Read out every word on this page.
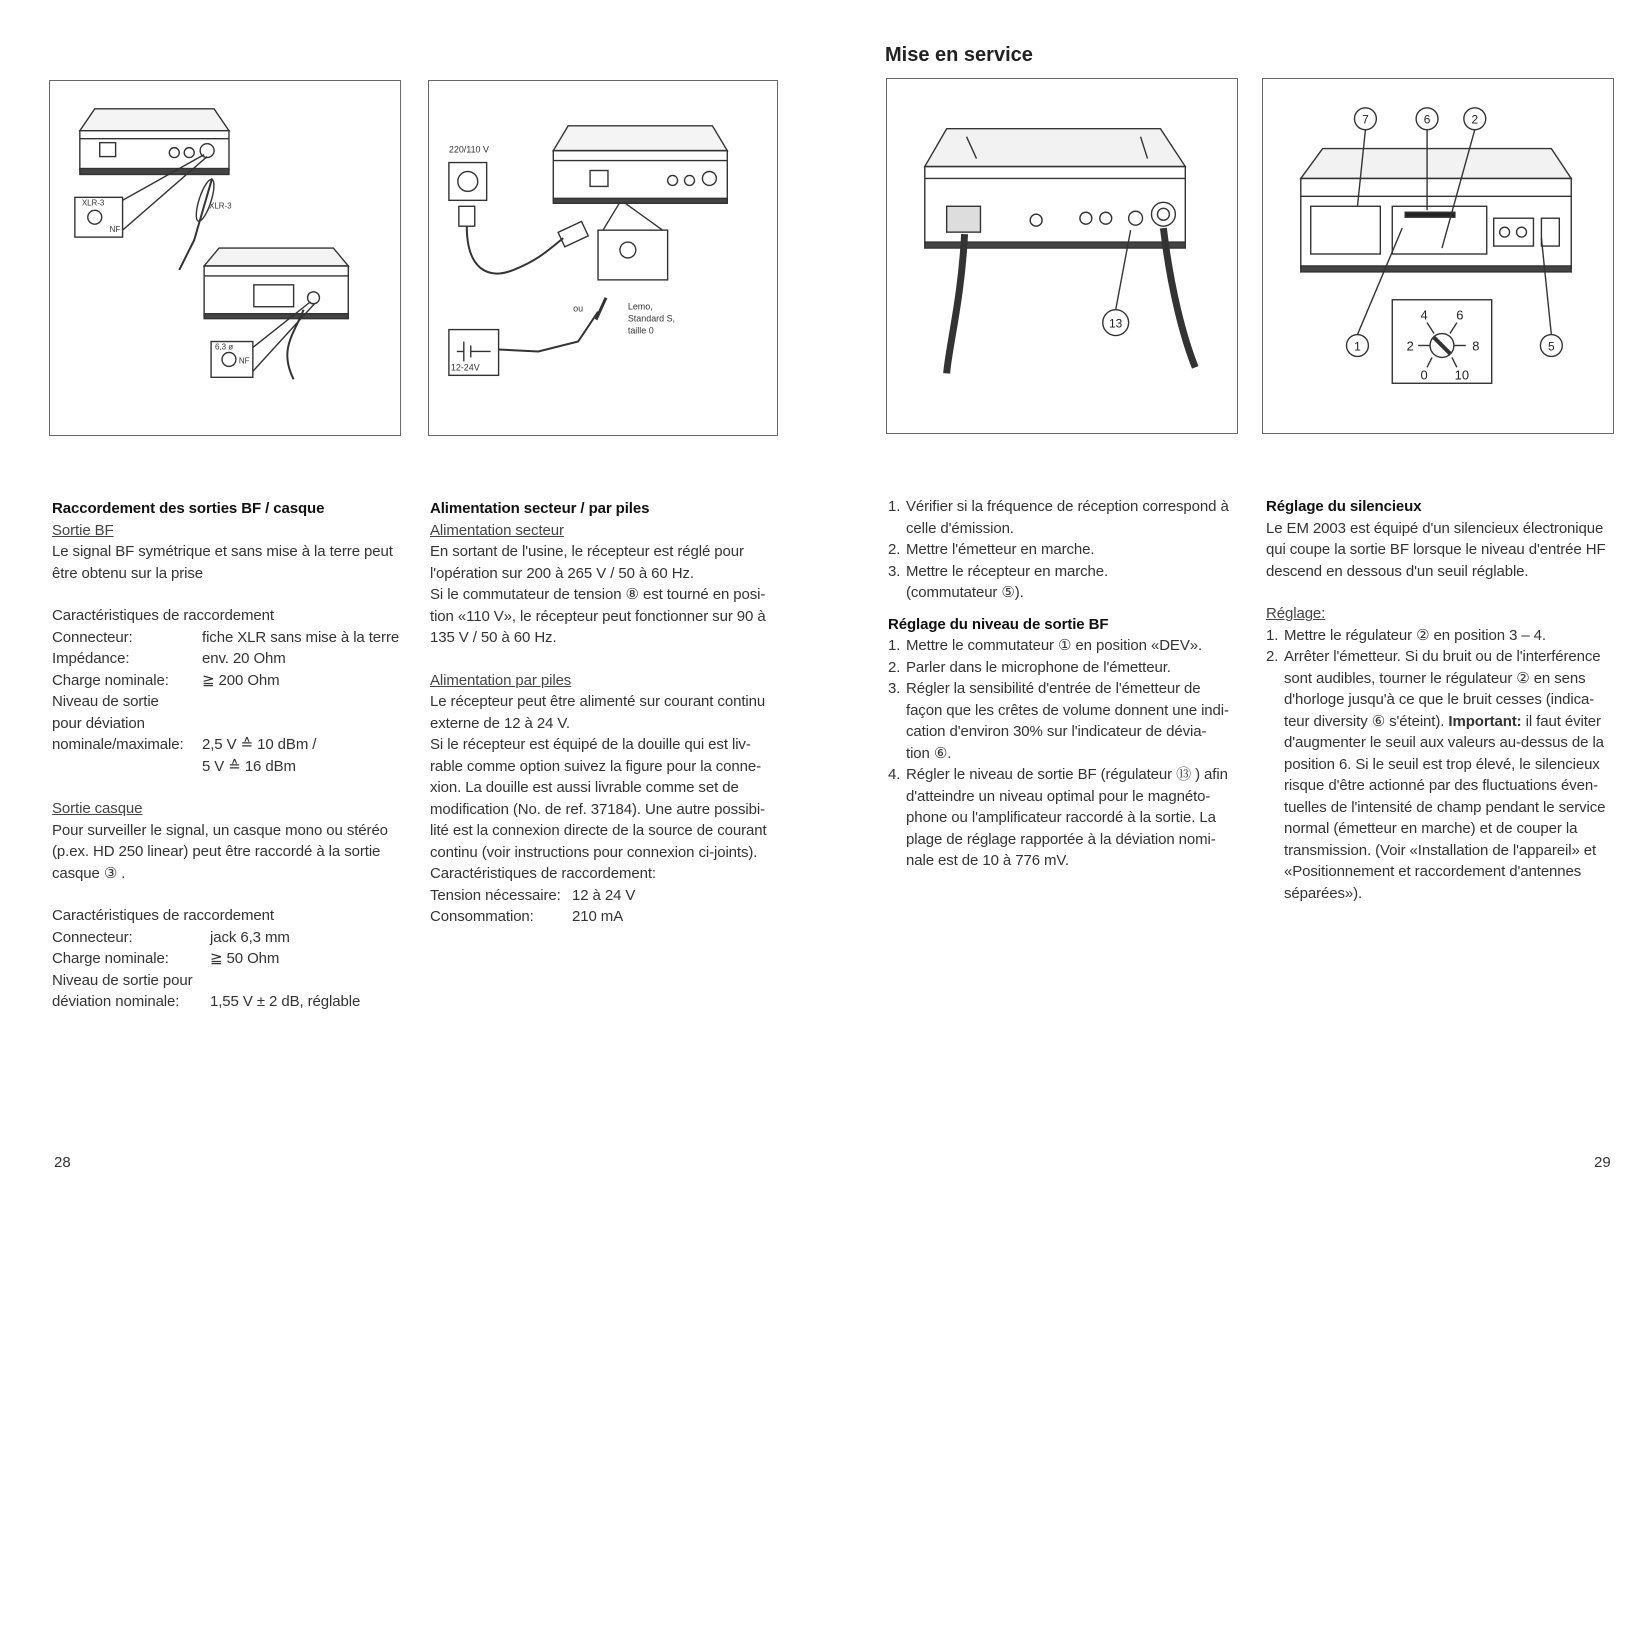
Mise en service
XLR-3
NF
XLR-3
6,3 ø
NF
220/110 V
12-24V
ou	Lemo,
Standard S,
taille 0	13
7	6	2
1	5
4 6
2	8
0 10

Raccordement des sorties BF / casque

Sortie BF

Le signal BF symétrique et sans mise à la terre peut

être obtenu sur la prise

Caractéristiques de raccordement

Connecteur:	fiche XLR sans mise à la terre
Impédance:	env. 20 Ohm
Charge nominale:	≧ 200 Ohm

Niveau de sortie

pour déviation

nominale/maximale:	2,5 V ≙ 10 dBm /

5 V ≙ 16 dBm

Sortie casque

Pour surveiller le signal, un casque mono ou stéréo

(p.ex. HD 250 linear) peut être raccordé à la sortie

casque ③ .

Caractéristiques de raccordement

Connecteur:	jack 6,3 mm
Charge nominale:	≧ 50 Ohm

Niveau de sortie pour

déviation nominale:	1,55 V ± 2 dB, réglable

Alimentation secteur / par piles

Alimentation secteur

En sortant de l'usine, le récepteur est réglé pour

l'opération sur 200 à 265 V / 50 à 60 Hz.

Si le commutateur de tension ⑧ est tourné en posi-

tion «110 V», le récepteur peut fonctionner sur 90 à

135 V / 50 à 60 Hz.

Alimentation par piles

Le récepteur peut être alimenté sur courant continu

externe de 12 à 24 V.

Si le récepteur est équipé de la douille qui est liv-

rable comme option suivez la figure pour la conne-

xion. La douille est aussi livrable comme set de

modification (No. de ref. 37184). Une autre possibi-

lité est la connexion directe de la source de courant

continu (voir instructions pour connexion ci-joints).

Caractéristiques de raccordement:

Tension nécessaire: 12 à 24 V
Consommation:	210 mA
1. Vérifier si la fréquence de réception correspond à
celle d'émission.
2. Mettre l'émetteur en marche.
3. Mettre le récepteur en marche.
(commutateur ⑤).

Réglage du niveau de sortie BF

1. Mettre le commutateur ① en position «DEV».
2. Parler dans le microphone de l'émetteur.
3. Régler la sensibilité d'entrée de l'émetteur de
façon que les crêtes de volume donnent une indi-
cation d'environ 30% sur l'indicateur de dévia-
tion ⑥.
4. Régler le niveau de sortie BF (régulateur ⑬ ) afin
d'atteindre un niveau optimal pour le magnéto-
phone ou l'amplificateur raccordé à la sortie. La
plage de réglage rapportée à la déviation nomi-
nale est de 10 à 776 mV.

Réglage du silencieux

Le EM 2003 est équipé d'un silencieux électronique

qui coupe la sortie BF lorsque le niveau d'entrée HF

descend en dessous d'un seuil réglable.

Réglage:

1. Mettre le régulateur ② en position 3 – 4.
2. Arrêter l'émetteur. Si du bruit ou de l'interférence
sont audibles, tourner le régulateur ② en sens
d'horloge jusqu'à ce que le bruit cesses (indica-
teur diversity ⑥ s'éteint). Important: il faut éviter
d'augmenter le seuil aux valeurs au-dessus de la
position 6. Si le seuil est trop élevé, le silencieux
risque d'être actionné par des fluctuations éven-
tuelles de l'intensité de champ pendant le service
normal (émetteur en marche) et de couper la
transmission. (Voir «Installation de l'appareil» et
«Positionnement et raccordement d'antennes
séparées»).
28	29
